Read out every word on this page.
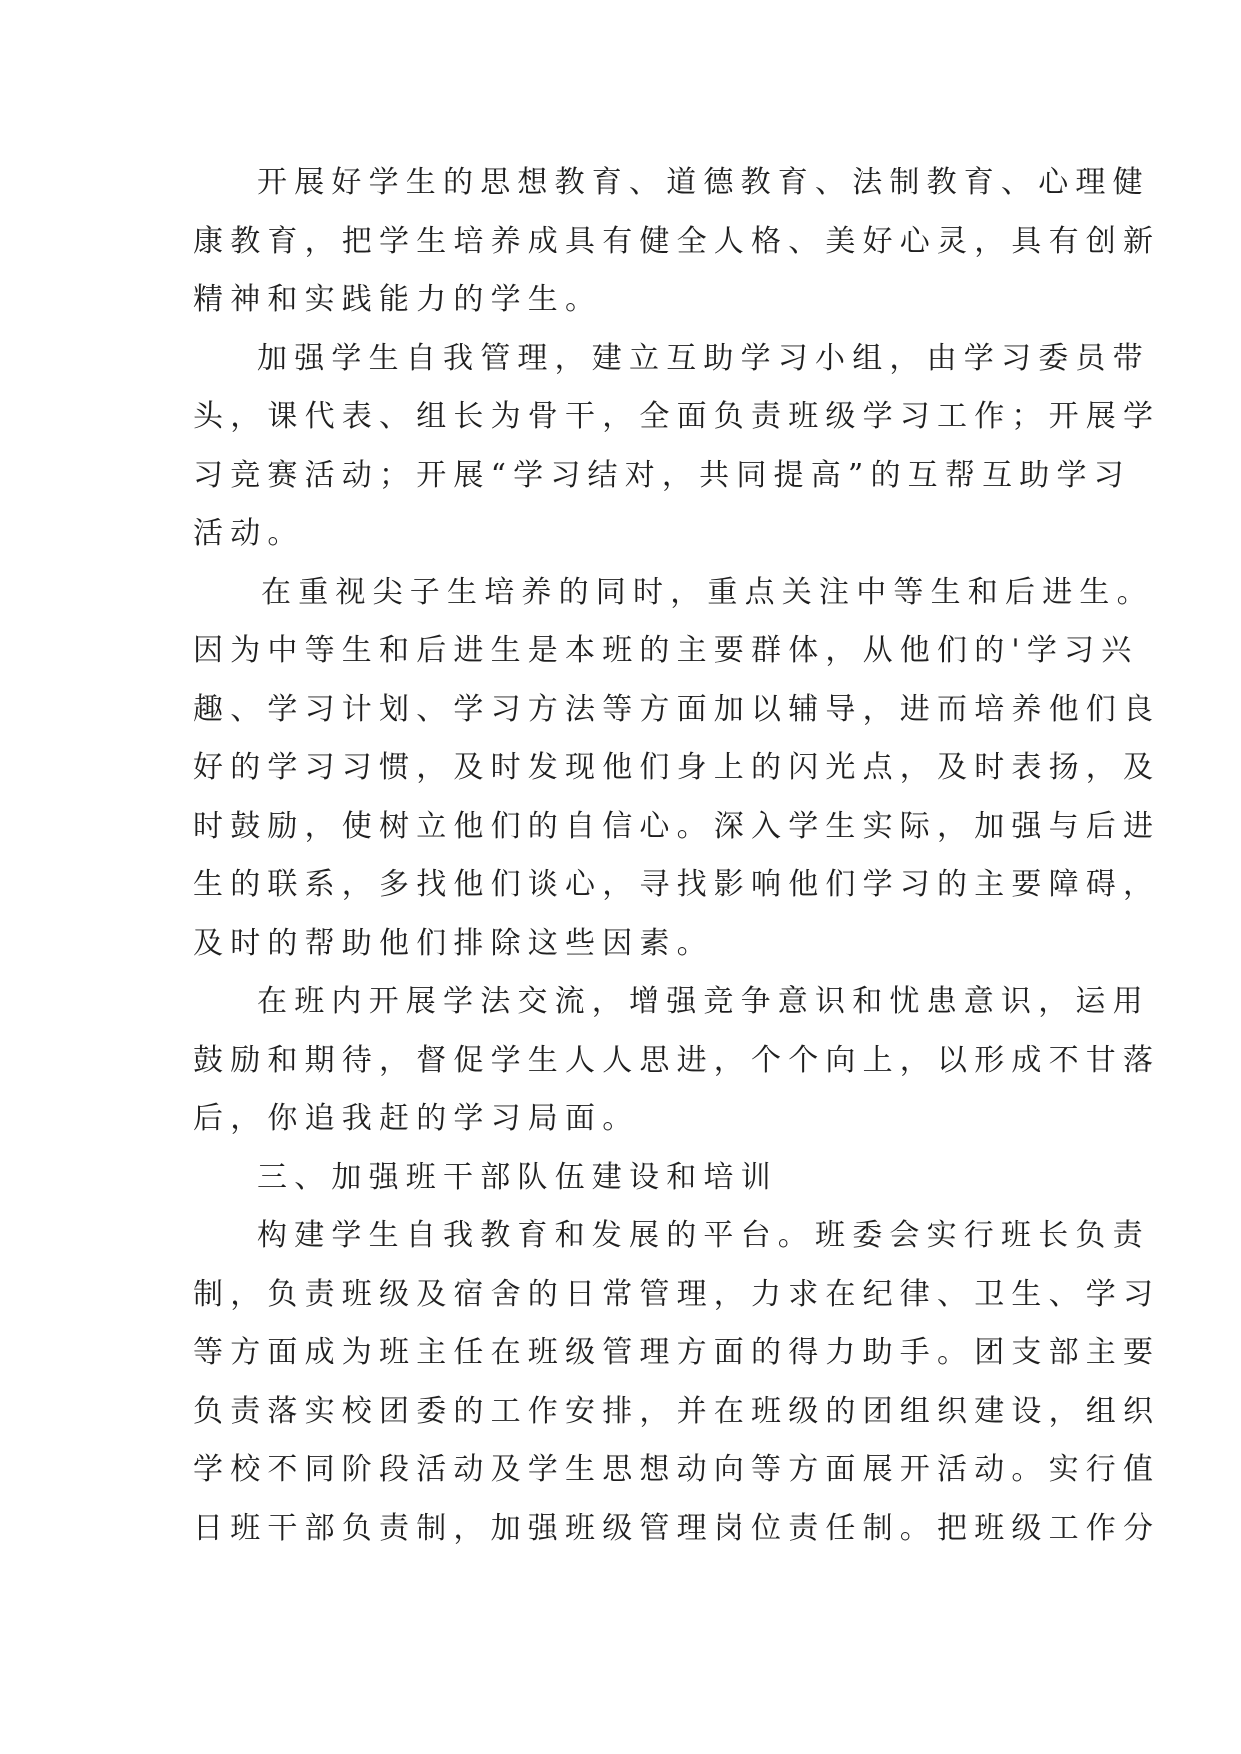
开展好学生的思想教育、道德教育、法制教育、心理健
康教育，把学生培养成具有健全人格、美好心灵，具有创新
精神和实践能力的学生。
加强学生自我管理，建立互助学习小组，由学习委员带
头，课代表、组长为骨干，全面负责班级学习工作；开展学
习竞赛活动；开展“学习结对，共同提高”的互帮互助学习
活动。
在重视尖子生培养的同时，重点关注中等生和后进生。
因为中等生和后进生是本班的主要群体，从他们的'学习兴
趣、学习计划、学习方法等方面加以辅导，进而培养他们良
好的学习习惯，及时发现他们身上的闪光点，及时表扬，及
时鼓励，使树立他们的自信心。深入学生实际，加强与后进
生的联系，多找他们谈心，寻找影响他们学习的主要障碍，
及时的帮助他们排除这些因素。
在班内开展学法交流，增强竞争意识和忧患意识，运用
鼓励和期待，督促学生人人思进，个个向上，以形成不甘落
后，你追我赶的学习局面。
三、加强班干部队伍建设和培训
构建学生自我教育和发展的平台。班委会实行班长负责
制，负责班级及宿舍的日常管理，力求在纪律、卫生、学习
等方面成为班主任在班级管理方面的得力助手。团支部主要
负责落实校团委的工作安排，并在班级的团组织建设，组织
学校不同阶段活动及学生思想动向等方面展开活动。实行值
日班干部负责制，加强班级管理岗位责任制。把班级工作分
